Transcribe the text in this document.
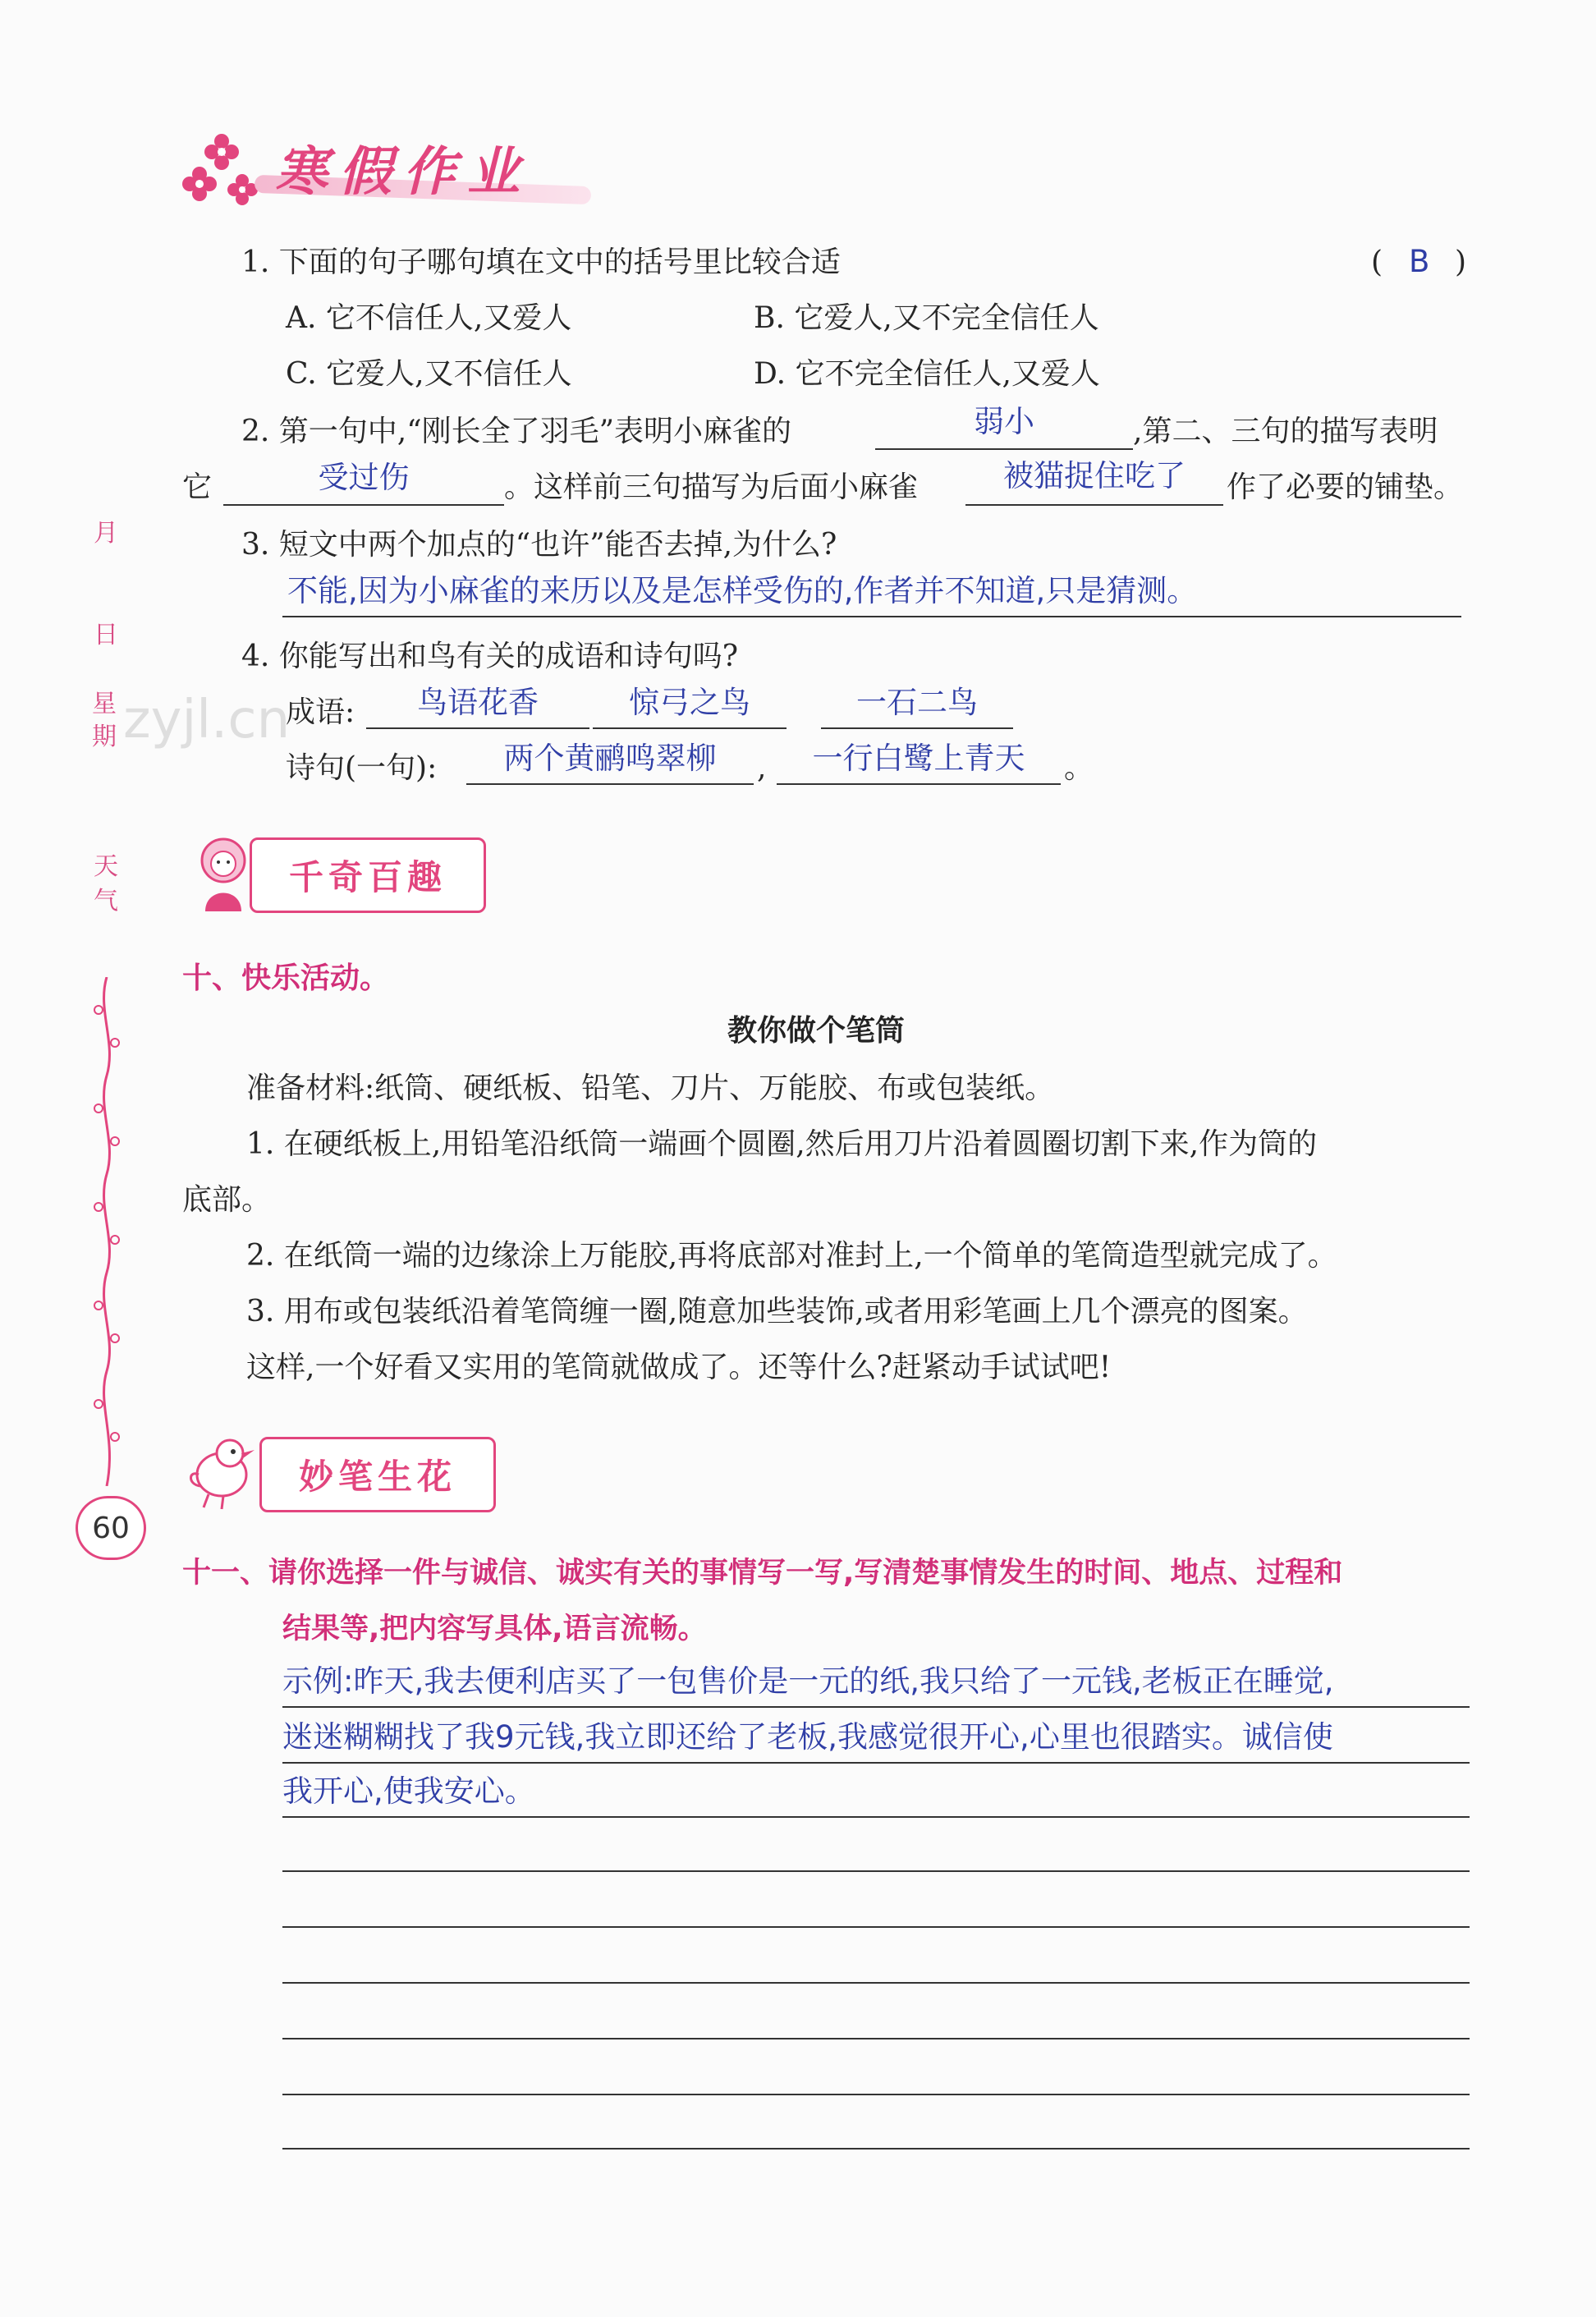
寒假作业
月
日
星
期
天
气
zyjl.cn
60
1. 下面的句子哪句填在文中的括号里比较合适	( B )
A. 它不信任人,又爱人	B. 它爱人,又不完全信任人
C. 它爱人,又不信任人	D. 它不完全信任人,又爱人
2. 第一句中,“刚长全了羽毛”表明小麻雀的	弱小	,第二、三句的描写表明
它	受过伤	。这样前三句描写为后面小麻雀	被猫捉住吃了	作了必要的铺垫。
3. 短文中两个加点的“也许”能否去掉,为什么?
不能,因为小麻雀的来历以及是怎样受伤的,作者并不知道,只是猜测。
4. 你能写出和鸟有关的成语和诗句吗?
成语:	鸟语花香	惊弓之鸟	一石二鸟
诗句(一句):	两个黄鹂鸣翠柳	,	一行白鹭上青天	。
千奇百趣
十、快乐活动。
教你做个笔筒
准备材料:纸筒、硬纸板、铅笔、刀片、万能胶、布或包装纸。
1. 在硬纸板上,用铅笔沿纸筒一端画个圆圈,然后用刀片沿着圆圈切割下来,作为筒的
底部。
2. 在纸筒一端的边缘涂上万能胶,再将底部对准封上,一个简单的笔筒造型就完成了。
3. 用布或包装纸沿着笔筒缠一圈,随意加些装饰,或者用彩笔画上几个漂亮的图案。
这样,一个好看又实用的笔筒就做成了。还等什么?赶紧动手试试吧!
妙笔生花
十一、请你选择一件与诚信、诚实有关的事情写一写,写清楚事情发生的时间、地点、过程和
结果等,把内容写具体,语言流畅。
示例:昨天,我去便利店买了一包售价是一元的纸,我只给了一元钱,老板正在睡觉,
迷迷糊糊找了我9元钱,我立即还给了老板,我感觉很开心,心里也很踏实。诚信使
我开心,使我安心。
